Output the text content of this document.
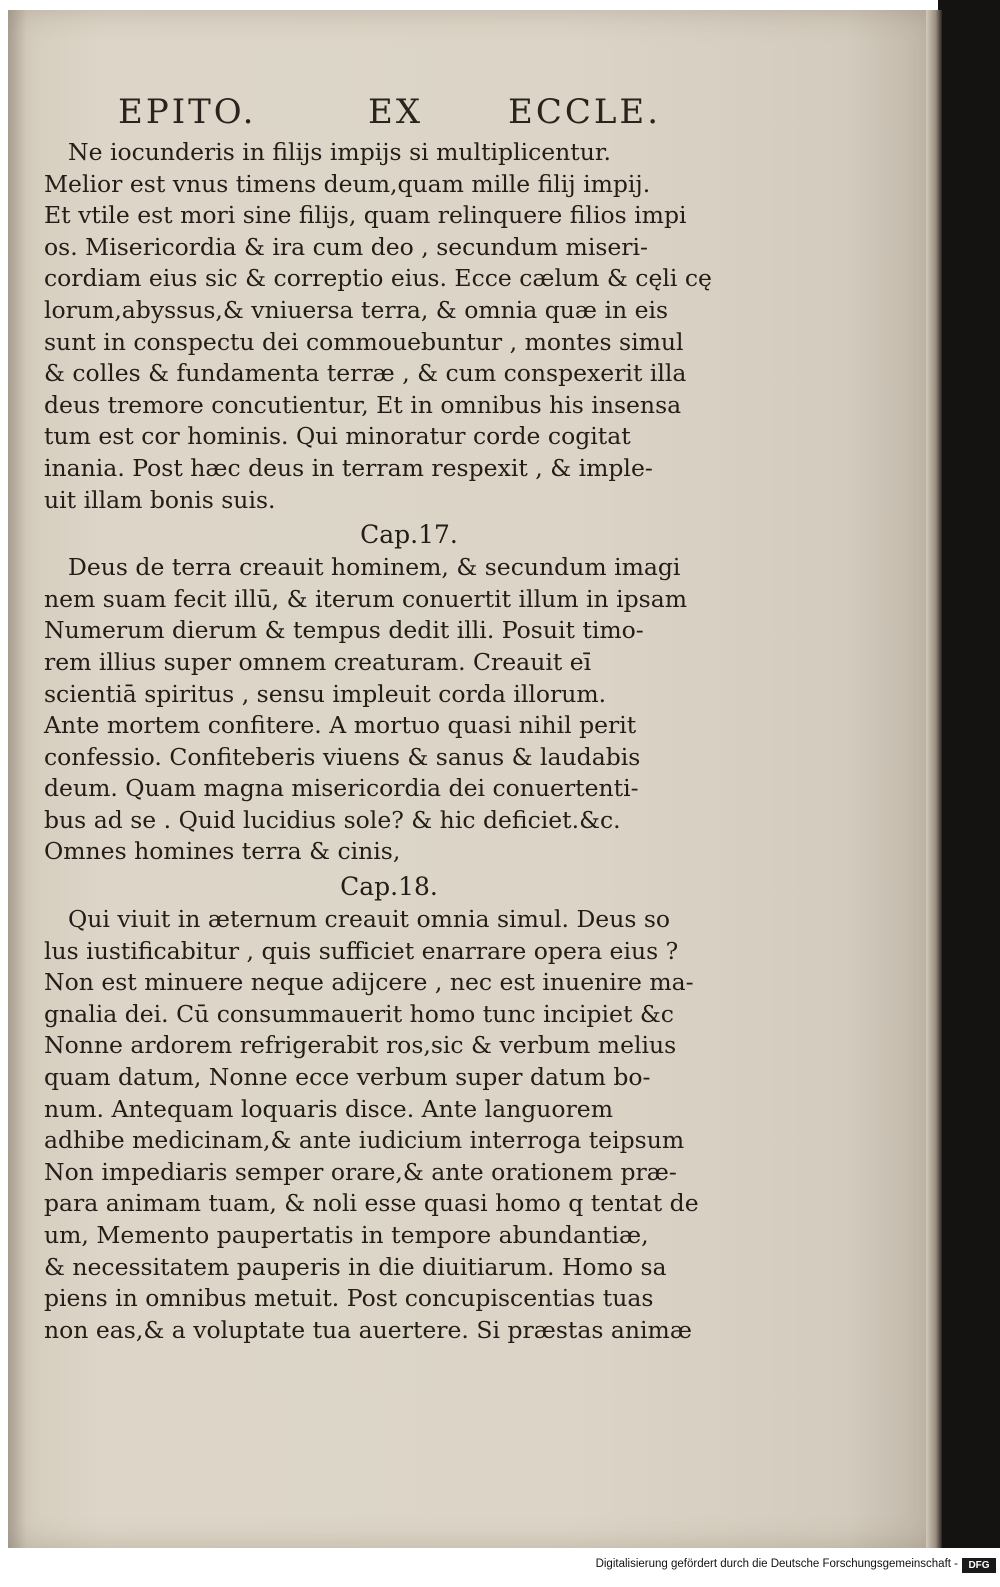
EPITO.	EX ECCLE.
Ne iocunderis in filijs impijs si multiplicentur.
Melior est vnus timens deum,quam mille filij impij.
Et vtile est mori sine filijs, quam relinquere filios impi
os. Misericordia & ira cum deo , secundum miseri-
cordiam eius sic & correptio eius. Ecce cælum & cęli cę
lorum,abyssus,& vniuersa terra, & omnia quæ in eis
sunt in conspectu dei commouebuntur , montes simul
& colles & fundamenta terræ , & cum conspexerit illa
deus tremore concutientur, Et in omnibus his insensa
tum est cor hominis. Qui minoratur corde cogitat
inania. Post hæc deus in terram respexit , & imple-
uit illam bonis suis.
Cap.17.
Deus de terra creauit hominem, & secundum imagi
nem suam fecit illū, & iterum conuertit illum in ipsam
Numerum dierum & tempus dedit illi. Posuit timo-
rem illius super omnem creaturam. Creauit eī
scientiā spiritus , sensu impleuit corda illorum.
Ante mortem confitere. A mortuo quasi nihil perit
confessio. Confiteberis viuens & sanus & laudabis
deum. Quam magna misericordia dei conuertenti-
bus ad se . Quid lucidius sole? & hic deficiet.&c.
Omnes homines terra & cinis,
Cap.18.
Qui viuit in æternum creauit omnia simul. Deus so
lus iustificabitur , quis sufficiet enarrare opera eius ?
Non est minuere neque adijcere , nec est inuenire ma-
gnalia dei. Cū consummauerit homo tunc incipiet &c
Nonne ardorem refrigerabit ros,sic & verbum melius
quam datum, Nonne ecce verbum super datum bo-
num. Antequam loquaris disce. Ante languorem
adhibe medicinam,& ante iudicium interroga teipsum
Non impediaris semper orare,& ante orationem præ-
para animam tuam, & noli esse quasi homo q tentat de
um, Memento paupertatis in tempore abundantiæ,
& necessitatem pauperis in die diuitiarum. Homo sa
piens in omnibus metuit. Post concupiscentias tuas
non eas,& a voluptate tua auertere. Si præstas animæ
Digitalisierung gefördert durch die Deutsche Forschungsgemeinschaft -	DFG
